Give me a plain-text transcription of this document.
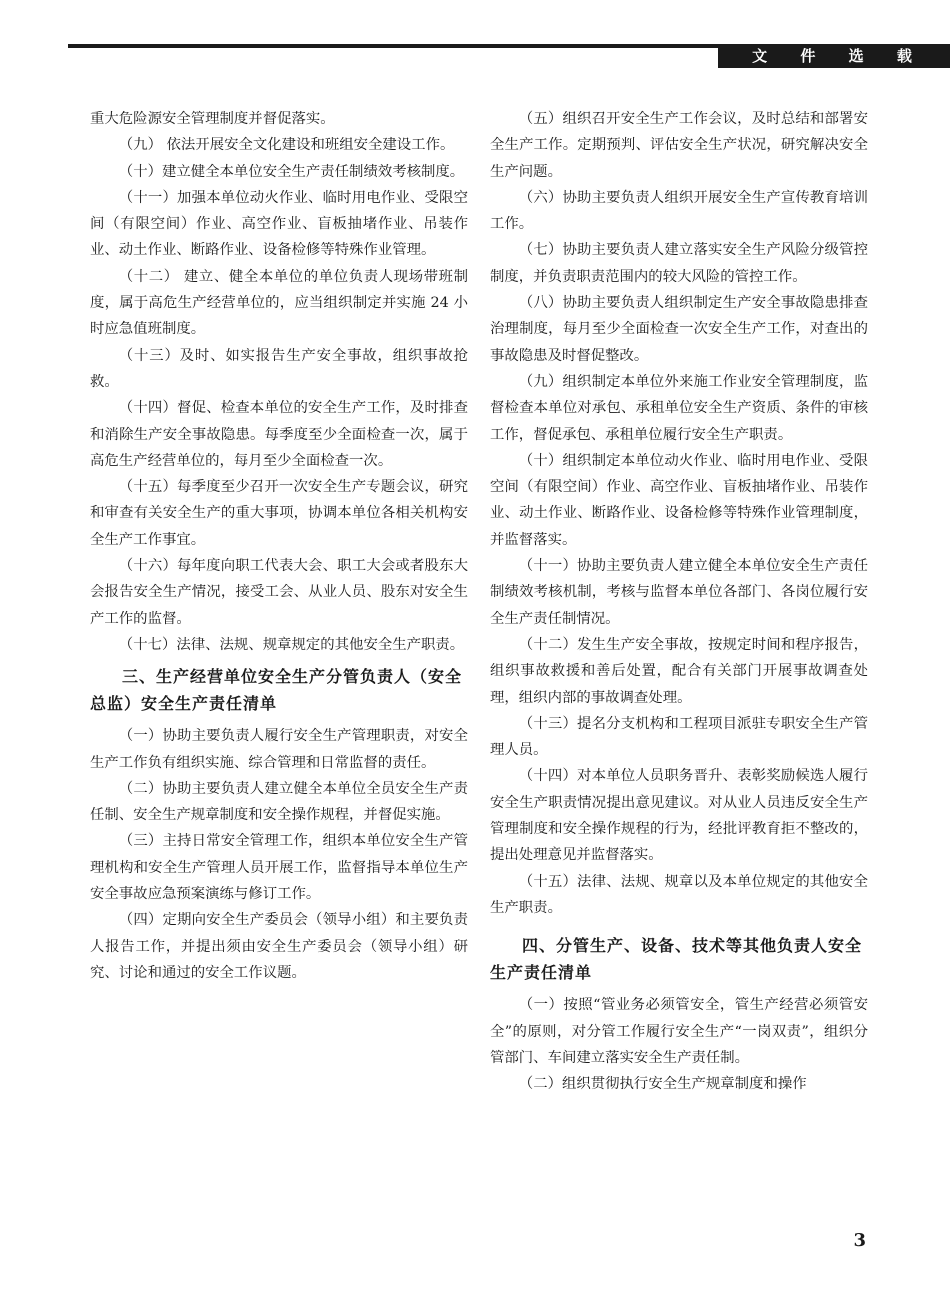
文 件 选 载

重大危险源安全管理制度并督促落实。

（九） 依法开展安全文化建设和班组安全建设工作。

（十）建立健全本单位安全生产责任制绩效考核制度。

（十一）加强本单位动火作业、临时用电作业、受限空间（有限空间）作业、高空作业、盲板抽堵作业、吊装作业、动土作业、断路作业、设备检修等特殊作业管理。

（十二） 建立、健全本单位的单位负责人现场带班制度，属于高危生产经营单位的，应当组织制定并实施 24 小时应急值班制度。

（十三）及时、如实报告生产安全事故，组织事故抢救。

（十四）督促、检查本单位的安全生产工作，及时排查和消除生产安全事故隐患。每季度至少全面检查一次，属于高危生产经营单位的，每月至少全面检查一次。

（十五）每季度至少召开一次安全生产专题会议，研究和审查有关安全生产的重大事项，协调本单位各相关机构安全生产工作事宜。

（十六）每年度向职工代表大会、职工大会或者股东大会报告安全生产情况，接受工会、从业人员、股东对安全生产工作的监督。

（十七）法律、法规、规章规定的其他安全生产职责。

三、生产经营单位安全生产分管负责人（安全总监）安全生产责任清单

（一）协助主要负责人履行安全生产管理职责，对安全生产工作负有组织实施、综合管理和日常监督的责任。

（二）协助主要负责人建立健全本单位全员安全生产责任制、安全生产规章制度和安全操作规程，并督促实施。

（三）主持日常安全管理工作，组织本单位安全生产管理机构和安全生产管理人员开展工作，监督指导本单位生产安全事故应急预案演练与修订工作。

（四）定期向安全生产委员会（领导小组）和主要负责人报告工作，并提出须由安全生产委员会（领导小组）研究、讨论和通过的安全工作议题。

（五）组织召开安全生产工作会议，及时总结和部署安全生产工作。定期预判、评估安全生产状况，研究解决安全生产问题。

（六）协助主要负责人组织开展安全生产宣传教育培训工作。

（七）协助主要负责人建立落实安全生产风险分级管控制度，并负责职责范围内的较大风险的管控工作。

（八）协助主要负责人组织制定生产安全事故隐患排查治理制度，每月至少全面检查一次安全生产工作，对查出的事故隐患及时督促整改。

（九）组织制定本单位外来施工作业安全管理制度，监督检查本单位对承包、承租单位安全生产资质、条件的审核工作，督促承包、承租单位履行安全生产职责。

（十）组织制定本单位动火作业、临时用电作业、受限空间（有限空间）作业、高空作业、盲板抽堵作业、吊装作业、动土作业、断路作业、设备检修等特殊作业管理制度，并监督落实。

（十一）协助主要负责人建立健全本单位安全生产责任制绩效考核机制，考核与监督本单位各部门、各岗位履行安全生产责任制情况。

（十二）发生生产安全事故，按规定时间和程序报告，组织事故救援和善后处置，配合有关部门开展事故调查处理，组织内部的事故调查处理。

（十三）提名分支机构和工程项目派驻专职安全生产管理人员。

（十四）对本单位人员职务晋升、表彰奖励候选人履行安全生产职责情况提出意见建议。对从业人员违反安全生产管理制度和安全操作规程的行为，经批评教育拒不整改的，提出处理意见并监督落实。

（十五）法律、法规、规章以及本单位规定的其他安全生产职责。

四、分管生产、设备、技术等其他负责人安全生产责任清单

（一）按照“管业务必须管安全，管生产经营必须管安全”的原则，对分管工作履行安全生产“一岗双责”，组织分管部门、车间建立落实安全生产责任制。

（二）组织贯彻执行安全生产规章制度和操作

3
